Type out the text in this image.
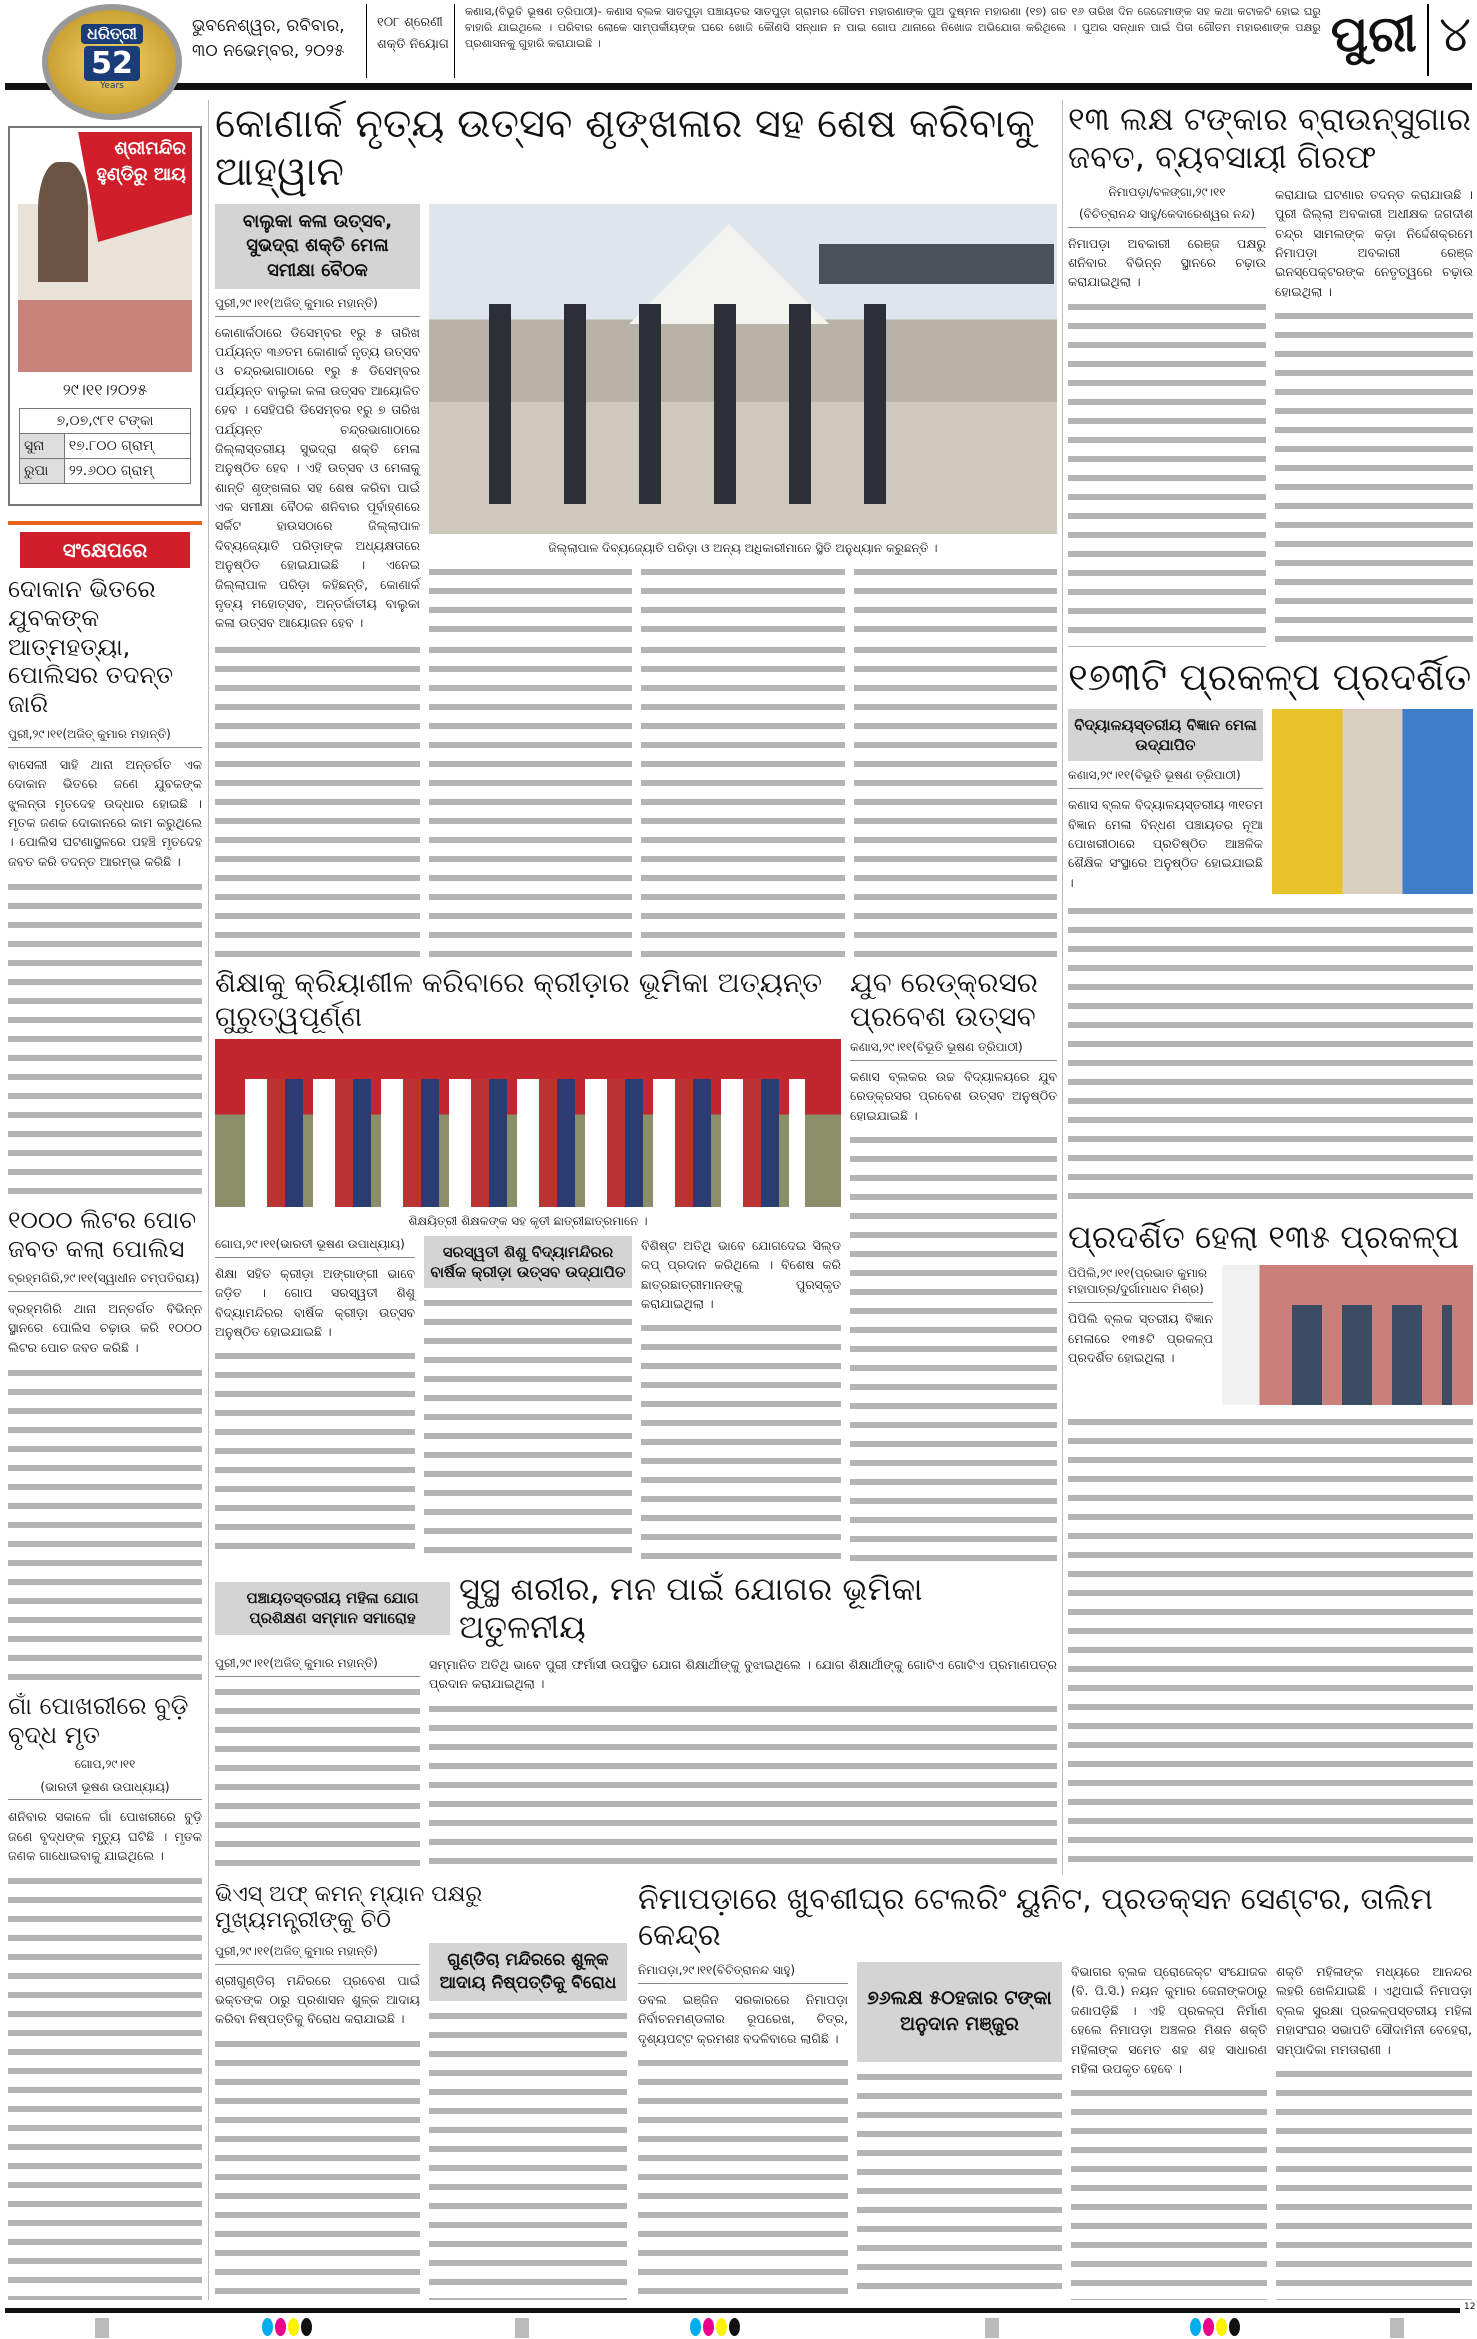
ଧରିତ୍ରୀ
52
Years
ଭୁବନେଶ୍ୱର, ରବିବାର,
୩୦ ନଭେମ୍ବର, ୨୦୨୫
୧୦୮ ଶ୍ରେଣୀ
ଶକ୍ତି ନିୟୋଗ
କଣାସ,(ବିଭୂତି ଭୂଷଣ ତ୍ରିପାଠୀ)- କଣାସ ବ୍ଲକ ସାତପୁଡ଼ା ପଞ୍ଚାୟତର ସାତପୁଡ଼ା ଗ୍ରାମର ଗୌତମ ମହାରଣାଙ୍କ ପୁଅ ଦୁଷ୍ମନ ମହାରଣା (୧୭) ଗତ ୧୬ ତାରିଖ ଦିନ ଜେଜେମାଙ୍କ ସହ କଥା କଟାକଟି ହୋଇ ଘରୁ ବାହାରି ଯାଇଥିଲେ । ପରିବାର ଲୋକେ ସାମ୍ପର୍କୀୟଙ୍କ ଘରେ ଖୋଜି କୌଣସି ସନ୍ଧାନ ନ ପାଇ ଗୋପ ଥାନାରେ ନିଖୋଜ ଅଭିଯୋଗ କରିଥିଲେ । ପୁଅର ସନ୍ଧାନ ପାଇଁ ପିତା ଗୌତମ ମହାରଣାଙ୍କ ପକ୍ଷରୁ ପ୍ରଶାସନକୁ ଗୁହାରି କରାଯାଇଛି ।	ପୁରୀ ୪
ଶ୍ରୀମନ୍ଦିର
ହୁଣ୍ଡିରୁ ଆୟ
୨୯।୧୧।୨୦୨୫
୭,୦୭,୯୮୧ ଟଙ୍କା	
ସୁନା	୧୭.୮୦୦ ଗ୍ରାମ୍
ରୁପା	୨୨.୬୦୦ ଗ୍ରାମ୍
ସଂକ୍ଷେପରେ
ଦୋକାନ ଭିତରେ ଯୁବକଙ୍କ ଆତ୍ମହତ୍ୟା, ପୋଲିସର ତଦନ୍ତ ଜାରି
ପୁରୀ,୨୯।୧୧(ଅଜିତ୍ କୁମାର ମହାନ୍ତି)
ବାସେଲୀ ସାହି ଥାନା ଅନ୍ତର୍ଗତ ଏକ ଦୋକାନ ଭିତରେ ଜଣେ ଯୁବକଙ୍କ ଝୁଲନ୍ତା ମୃତଦେହ ଉଦ୍ଧାର ହୋଇଛି । ମୃତକ ଜଣକ ଦୋକାନରେ କାମ କରୁଥିଲେ । ପୋଲିସ ଘଟଣାସ୍ଥଳରେ ପହଞ୍ଚି ମୃତଦେହ ଜବତ କରି ତଦନ୍ତ ଆରମ୍ଭ କରିଛି ।
୧୦୦୦ ଲିଟର ପୋଚ ଜବତ କଲା ପୋଲିସ
ବ୍ରହ୍ମଗିରି,୨୯।୧୧(ସ୍ୱାଧୀନ ଚମ୍ପତିରାୟ)
ବ୍ରହ୍ମଗିରି ଥାନା ଅନ୍ତର୍ଗତ ବିଭିନ୍ନ ସ୍ଥାନରେ ପୋଲିସ ଚଢ଼ାଉ କରି ୧୦୦୦ ଲିଟର ପୋଚ ଜବତ କରିଛି ।
ଗାଁ ପୋଖରୀରେ ବୁଡ଼ି ବୃଦ୍ଧ ମୃତ
ଗୋପ,୨୯।୧୧
(ଭାରତୀ ଭୂଷଣ ଉପାଧ୍ୟାୟ)
ଶନିବାର ସକାଳେ ଗାଁ ପୋଖରୀରେ ବୁଡ଼ି ଜଣେ ବୃଦ୍ଧଙ୍କ ମୃତ୍ୟୁ ଘଟିଛି । ମୃତକ ଜଣକ ଗାଧୋଇବାକୁ ଯାଇଥିଲେ ।
କୋଣାର୍କ ନୃତ୍ୟ ଉତ୍ସବ ଶୃଙ୍ଖଳାର ସହ ଶେଷ କରିବାକୁ ଆହ୍ୱାନ
ବାଲୁକା କଳା ଉତ୍ସବ, ସୁଭଦ୍ରା ଶକ୍ତି ମେଳା ସମୀକ୍ଷା ବୈଠକ
ପୁରୀ,୨୯।୧୧(ଅଜିତ୍ କୁମାର ମହାନ୍ତି)
କୋଣାର୍କଠାରେ ଡିସେମ୍ବର ୧ରୁ ୫ ତାରିଖ ପର୍ଯ୍ୟନ୍ତ ୩୬ତମ କୋଣାର୍କ ନୃତ୍ୟ ଉତ୍ସବ ଓ ଚନ୍ଦ୍ରଭାଗାଠାରେ ୧ରୁ ୫ ଡିସେମ୍ବର ପର୍ଯ୍ୟନ୍ତ ବାଲୁକା କଳା ଉତ୍ସବ ଆୟୋଜିତ ହେବ । ସେହିପରି ଡିସେମ୍ବର ୧ରୁ ୭ ତାରିଖ ପର୍ଯ୍ୟନ୍ତ ଚନ୍ଦ୍ରଭାଗାଠାରେ ଜିଲ୍ଲାସ୍ତରୀୟ ସୁଭଦ୍ରା ଶକ୍ତି ମେଳା ଅନୁଷ୍ଠିତ ହେବ । ଏହି ଉତ୍ସବ ଓ ମେଳାକୁ ଶାନ୍ତି ଶୃଙ୍ଖଳାର ସହ ଶେଷ କରିବା ପାଇଁ ଏକ ସମୀକ୍ଷା ବୈଠକ ଶନିବାର ପୂର୍ବାହ୍ଣରେ ସର୍କିଟ ହାଉସଠାରେ ଜିଲ୍ଲାପାଳ ଦିବ୍ୟଜ୍ୟୋତି ପରିଡ଼ାଙ୍କ ଅଧ୍ୟକ୍ଷତାରେ ଅନୁଷ୍ଠିତ ହୋଇଯାଇଛି । ଏନେଇ ଜିଲ୍ଲାପାଳ ପରିଡ଼ା କହିଛନ୍ତି, କୋଣାର୍କ ନୃତ୍ୟ ମହୋତ୍ସବ, ଅନ୍ତର୍ଜାତୀୟ ବାଲୁକା କଳା ଉତ୍ସବ ଆୟୋଜନ ହେବ ।
ଜିଲ୍ଲାପାଳ ଦିବ୍ୟଜ୍ୟୋତି ପରିଡ଼ା ଓ ଅନ୍ୟ ଅଧିକାରୀମାନେ ସ୍ଥିତି ଅନୁଧ୍ୟାନ କରୁଛନ୍ତି ।
ଶିକ୍ଷାକୁ କ୍ରିୟାଶୀଳ କରିବାରେ କ୍ରୀଡ଼ାର ଭୂମିକା ଅତ୍ୟନ୍ତ ଗୁରୁତ୍ୱପୂର୍ଣ୍ଣ
ଶିକ୍ଷୟିତ୍ରୀ ଶିକ୍ଷକଙ୍କ ସହ କୃତୀ ଛାତ୍ରୀଛାତ୍ରମାନେ ।
ଗୋପ,୨୯।୧୧(ଭାରତୀ ଭୂଷଣ ଉପାଧ୍ୟାୟ)
ଶିକ୍ଷା ସହିତ କ୍ରୀଡ଼ା ଅଙ୍ଗାଙ୍ଗୀ ଭାବେ ଜଡ଼ିତ । ଗୋପ ସରସ୍ୱତୀ ଶିଶୁ ବିଦ୍ୟାମନ୍ଦିରର ବାର୍ଷିକ କ୍ରୀଡ଼ା ଉତ୍ସବ ଅନୁଷ୍ଠିତ ହୋଇଯାଇଛି ।
ସରସ୍ୱତୀ ଶିଶୁ ବିଦ୍ୟାମନ୍ଦିରର ବାର୍ଷିକ କ୍ରୀଡ଼ା ଉତ୍ସବ ଉଦ୍‌ଯାପିତ
ବିଶିଷ୍ଟ ଅତିଥି ଭାବେ ଯୋଗଦେଇ ସିଲ୍‌ଡ କପ୍ ପ୍ରଦାନ କରିଥିଲେ । ବିଶେଷ କରି ଛାତ୍ରଛାତ୍ରୀମାନଙ୍କୁ ପୁରସ୍କୃତ କରାଯାଇଥିଲା ।
ଯୁବ ରେଡ୍‌କ୍ରସର ପ୍ରବେଶ ଉତ୍ସବ
କଣାସ,୨୯।୧୧(ବିଭୂତି ଭୂଷଣ ତ୍ରିପାଠୀ)
କଣାସ ବ୍ଲକର ଉଚ୍ଚ ବିଦ୍ୟାଳୟରେ ଯୁବ ରେଡ୍‌କ୍ରସର ପ୍ରବେଶ ଉତ୍ସବ ଅନୁଷ୍ଠିତ ହୋଇଯାଇଛି ।
ପଞ୍ଚାୟତସ୍ତରୀୟ ମହିଳା ଯୋଗ ପ୍ରଶିକ୍ଷଣ ସମ୍ମାନ ସମାରୋହ
ସୁସ୍ଥ ଶରୀର, ମନ ପାଇଁ ଯୋଗର ଭୂମିକା ଅତୁଳନୀୟ
ପୁରୀ,୨୯।୧୧(ଅଜିତ୍ କୁମାର ମହାନ୍ତି)	ସମ୍ମାନିତ ଅତିଥି ଭାବେ ପୁରୀ ଫର୍ମାସୀ ଉପସ୍ଥିତ ଯୋଗ ଶିକ୍ଷାର୍ଥୀଙ୍କୁ ବୁଝାଇଥିଲେ । ଯୋଗ ଶିକ୍ଷାର୍ଥୀଙ୍କୁ ଗୋଟିଏ ଗୋଟିଏ ପ୍ରମାଣପତ୍ର ପ୍ରଦାନ କରାଯାଇଥିଲା ।
ଭିଏସ୍ ଅଫ୍ କମନ୍ ମ୍ୟାନ ପକ୍ଷରୁ ମୁଖ୍ୟମନ୍ତ୍ରୀଙ୍କୁ ଚିଠି
ପୁରୀ,୨୯।୧୧(ଅଜିତ୍ କୁମାର ମହାନ୍ତି)
ଶ୍ରୀଗୁଣ୍ଡିଚା ମନ୍ଦିରରେ ପ୍ରବେଶ ପାଇଁ ଭକ୍ତଙ୍କ ଠାରୁ ପ୍ରଶାସନ ଶୁଳ୍କ ଆଦାୟ କରିବା ନିଷ୍ପତ୍ତିକୁ ବିରୋଧ କରାଯାଇଛି ।
ଗୁଣ୍ଡିଚା ମନ୍ଦିରରେ ଶୁଳ୍କ ଆଦାୟ ନିଷ୍ପତ୍ତିକୁ ବିରୋଧ
ନିମାପଡ଼ାରେ ଖୁବଶୀଘ୍ର ଟେଲରିଂ ୟୁନିଟ, ପ୍ରଡକ୍ସନ ସେଣ୍ଟର, ତାଲିମ କେନ୍ଦ୍ର
ନିମାପଡ଼ା,୨୯।୧୧(ବିଚିତ୍ରାନନ୍ଦ ସାହୁ)
ଡବଲ ଇଞ୍ଜିନ ସରକାରରେ ନିମାପଡ଼ା ନିର୍ବାଚନମଣ୍ଡଳୀର ରୂପରେଖ, ଚିତ୍ର, ଦୃଶ୍ୟପଟ୍ଟ କ୍ରମଶଃ ବଦଳିବାରେ ଲାଗିଛି ।
୭୬ଲକ୍ଷ ୫୦ହଜାର ଟଙ୍କା ଅନୁଦାନ ମଞ୍ଜୁର
ବିଭାଗର ବ୍ଲକ ପ୍ରୋଜେକ୍ଟ ସଂଯୋଜକ (ବି. ପି.ସି.) ନୟନ କୁମାର ଜେନାଙ୍କଠାରୁ ଜଣାପଡ଼ିଛି । ଏହି ପ୍ରକଳ୍ପ ନିର୍ମାଣ ହେଲେ ନିମାପଡ଼ା ଅଞ୍ଚଳର ମିଶନ ଶକ୍ତି ମହିଳାଙ୍କ ସମେତ ଶହ ଶହ ସାଧାରଣ ମହିଳା ଉପକୃତ ହେବେ ।
ଶକ୍ତି ମହିଳାଙ୍କ ମଧ୍ୟରେ ଆନନ୍ଦର ଲହରି ଖେଳିଯାଇଛି । ଏଥିପାଇଁ ନିମାପଡ଼ା ବ୍ଲକ ସୁରକ୍ଷା ପ୍ରକଳ୍ପସ୍ତରୀୟ ମହିଳା ମହାସଂଘର ସଭାପତି ସୌଦାମିନୀ ବେହେରା, ସମ୍ପାଦିକା ମମତାରାଣୀ ।
୧୩ ଲକ୍ଷ ଟଙ୍କାର ବ୍ରାଉନ୍‌ସୁଗାର ଜବତ, ବ୍ୟବସାୟୀ ଗିରଫ
ନିମାପଡ଼ା/ବଳଙ୍ଗା,୨୯।୧୧
(ବିଚିତ୍ରାନନ୍ଦ ସାହୁ/କେଦାରେଶ୍ୱର ନନ୍ଦ)
ନିମାପଡ଼ା ଅବକାରୀ ରେଞ୍ଜ ପକ୍ଷରୁ ଶନିବାର ବିଭିନ୍ନ ସ୍ଥାନରେ ଚଢ଼ାଉ କରାଯାଇଥିଲା ।
କରାଯାଇ ଘଟଣାର ତଦନ୍ତ କରାଯାଉଛି । ପୁରୀ ଜିଲ୍ଲା ଅବକାରୀ ଅଧୀକ୍ଷକ ଜଗଦୀଶ ଚନ୍ଦ୍ର ସାମଲଙ୍କ କଡ଼ା ନିର୍ଦ୍ଦେଶକ୍ରମେ ନିମାପଡ଼ା ଅବକାରୀ ରେଞ୍ଜ ଇନସ୍ପେକ୍ଟରଙ୍କ ନେତୃତ୍ୱରେ ଚଢ଼ାଉ ହୋଇଥିଲା ।
୧୭୩ଟି ପ୍ରକଳ୍ପ ପ୍ରଦର୍ଶିତ
ବିଦ୍ୟାଳୟସ୍ତରୀୟ ବିଜ୍ଞାନ ମେଳା ଉଦ୍‌ଯାପିତ
କଣାସ,୨୯।୧୧(ବିଭୂତି ଭୂଷଣ ତ୍ରିପାଠୀ)
କଣାସ ବ୍ଲକ ବିଦ୍ୟାଳୟସ୍ତରୀୟ ୩୧ତମ ବିଜ୍ଞାନ ମେଳା ବିନ୍ଧଣ ପଞ୍ଚାୟତର ନୂଆ ପୋଖରୀଠାରେ ପ୍ରତିଷ୍ଠିତ ଆଞ୍ଚଳିକ ଶୈକ୍ଷିକ ସଂସ୍ଥାରେ ଅନୁଷ୍ଠିତ ହୋଇଯାଇଛି ।
ପ୍ରଦର୍ଶିତ ହେଲା ୧୩୫ ପ୍ରକଳ୍ପ
ପିପିଲି,୨୯।୧୧(ପ୍ରଭାତ କୁମାର ମହାପାତ୍ର/ଦୁର୍ଗାମାଧବ ମିଶ୍ର)
ପିପିଲି ବ୍ଲକ ସ୍ତରୀୟ ବିଜ୍ଞାନ ମେଳାରେ ୧୩୫ଟି ପ୍ରକଳ୍ପ ପ୍ରଦର୍ଶିତ ହୋଇଥିଲା ।
12
